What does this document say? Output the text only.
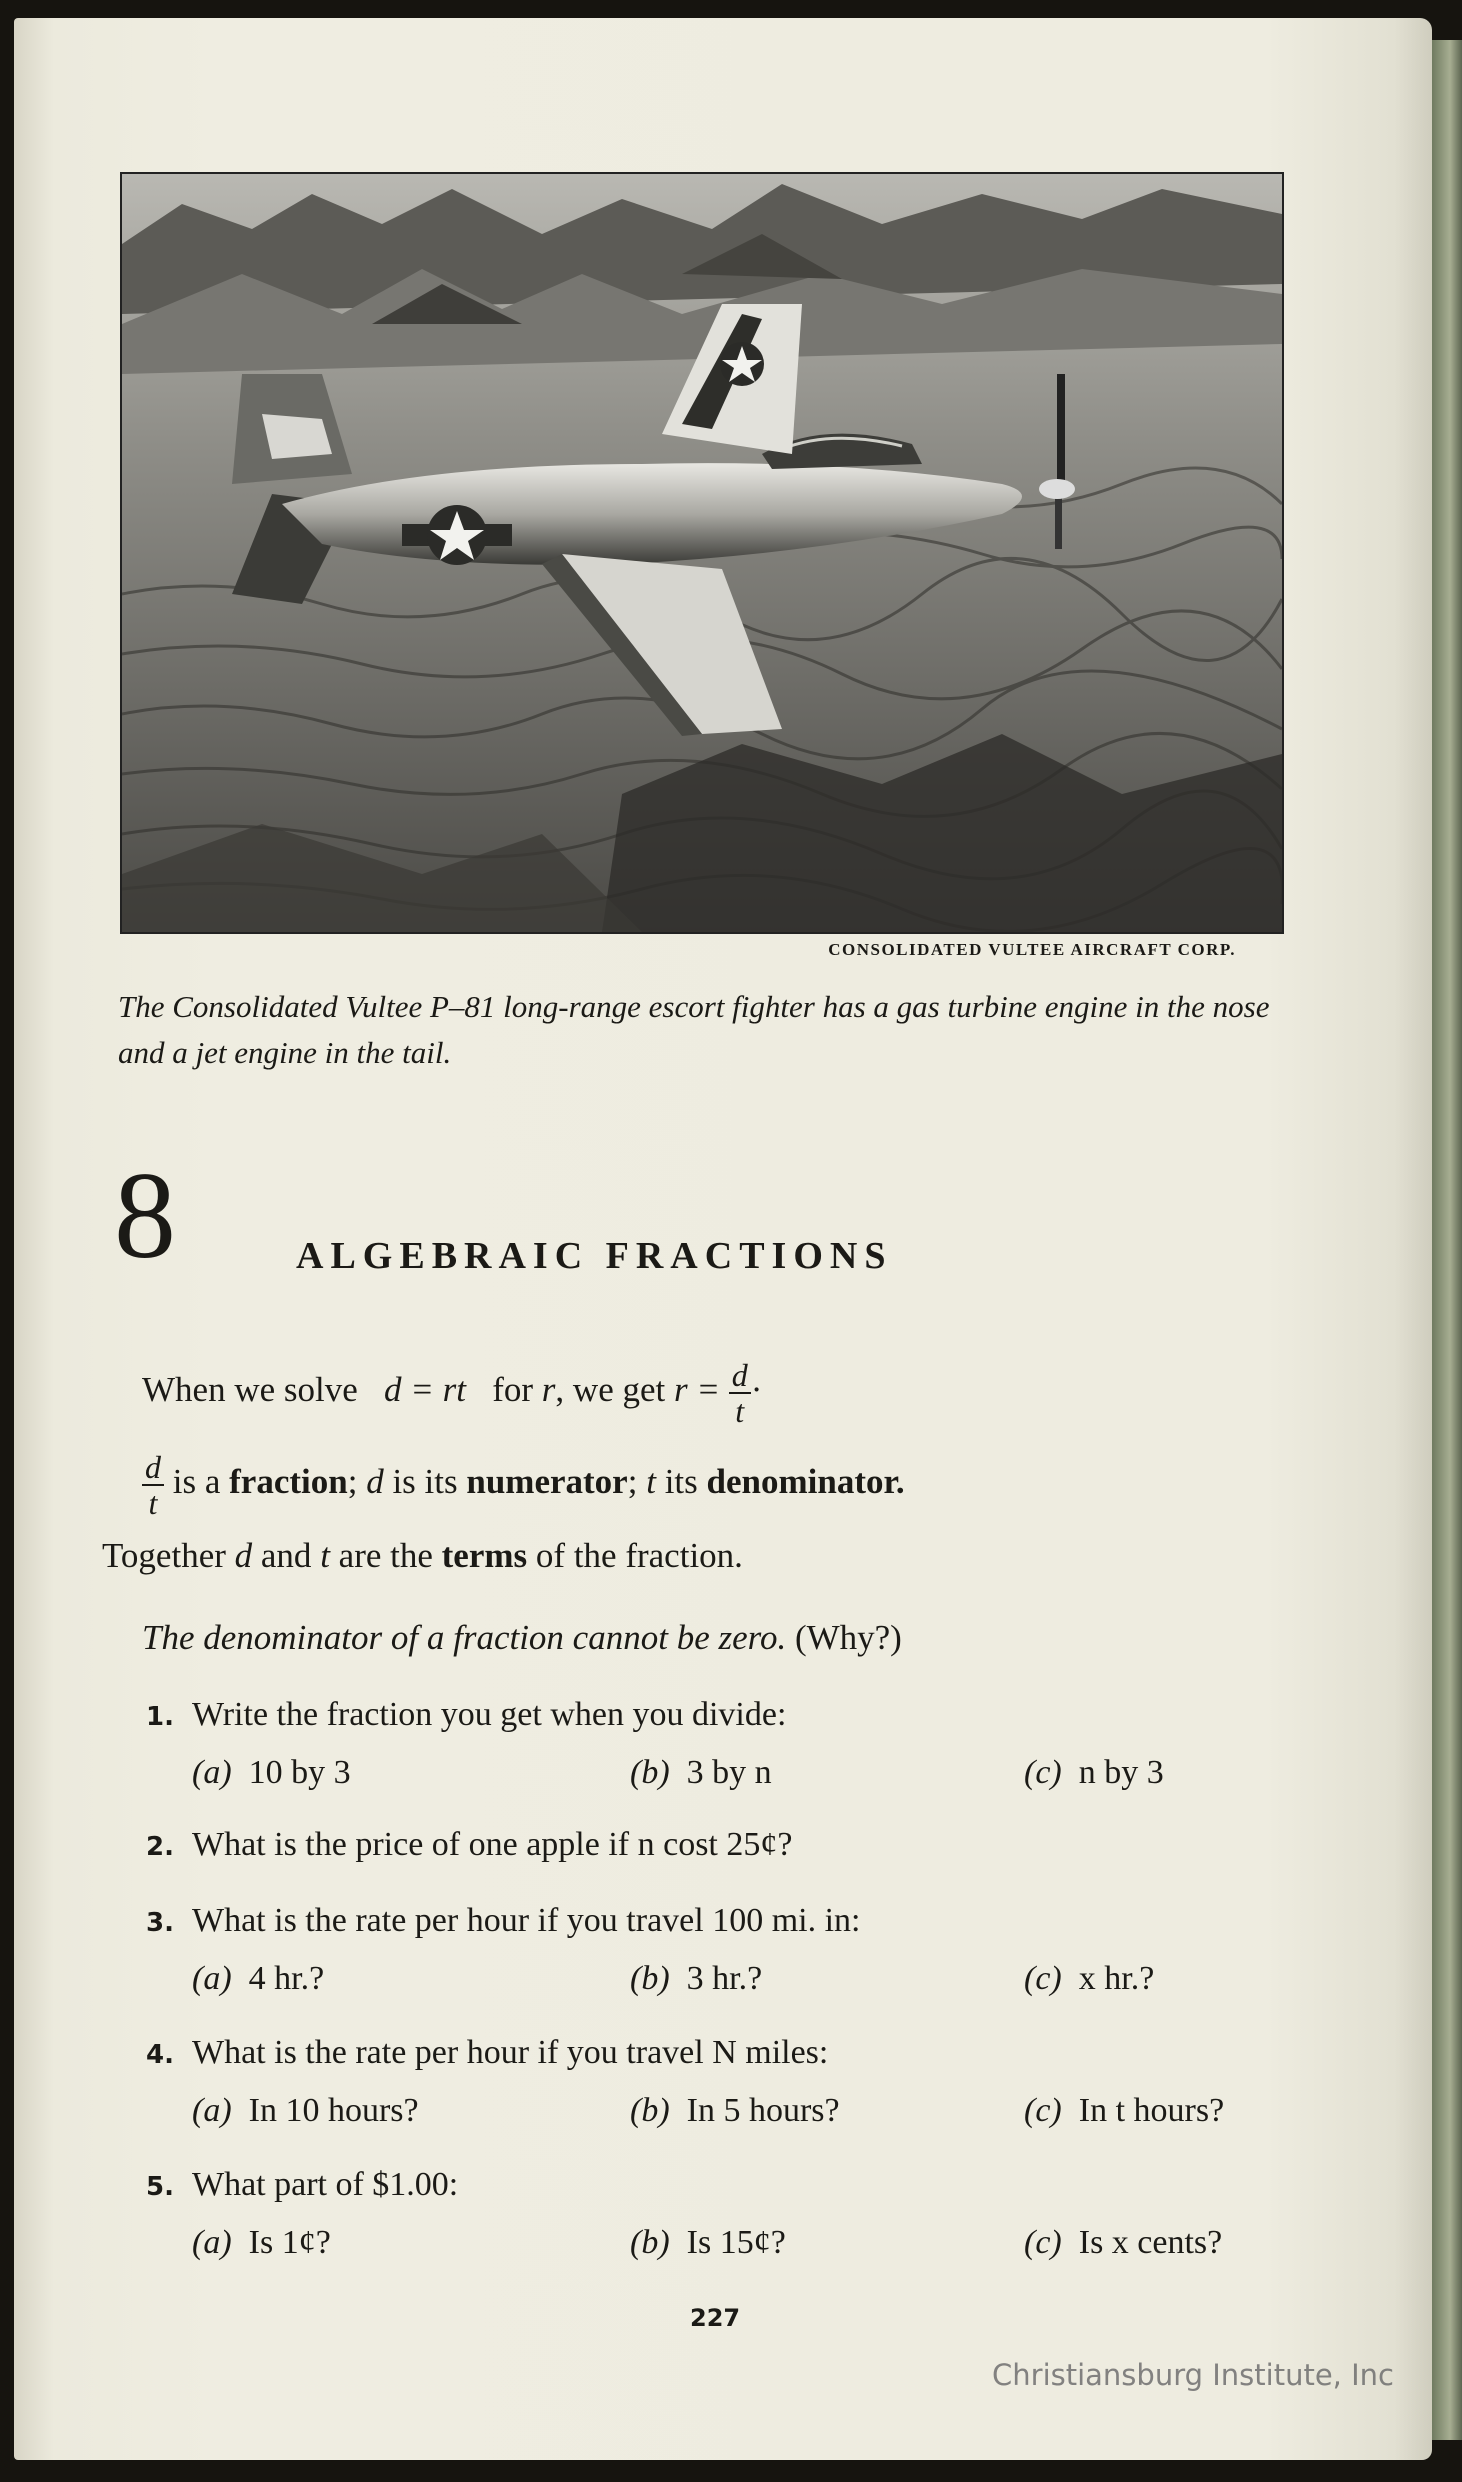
CONSOLIDATED VULTEE AIRCRAFT CORP.
The Consolidated Vultee P–81 long-range escort fighter has a gas turbine engine in the nose and a jet engine in the tail.
8	ALGEBRAIC FRACTIONS
When we solve d = rt for r, we get $r = \frac{d}{t}$ ·
$\frac{d}{t}$ is a fraction; d is its numerator; t its denominator.
Together d and t are the terms of the fraction.
The denominator of a fraction cannot be zero. (Why?)
1. Write the fraction you get when you divide:
(a) 10 by 3	(b) 3 by n	(c) n by 3
2. What is the price of one apple if n cost 25¢?
3. What is the rate per hour if you travel 100 mi. in:
(a) 4 hr.?	(b) 3 hr.?	(c) x hr.?
4. What is the rate per hour if you travel N miles:
(a) In 10 hours?	(b) In 5 hours?	(c) In t hours?
5. What part of $1.00:
(a) Is 1¢?	(b) Is 15¢?	(c) Is x cents?
227
Christiansburg Institute, Inc
